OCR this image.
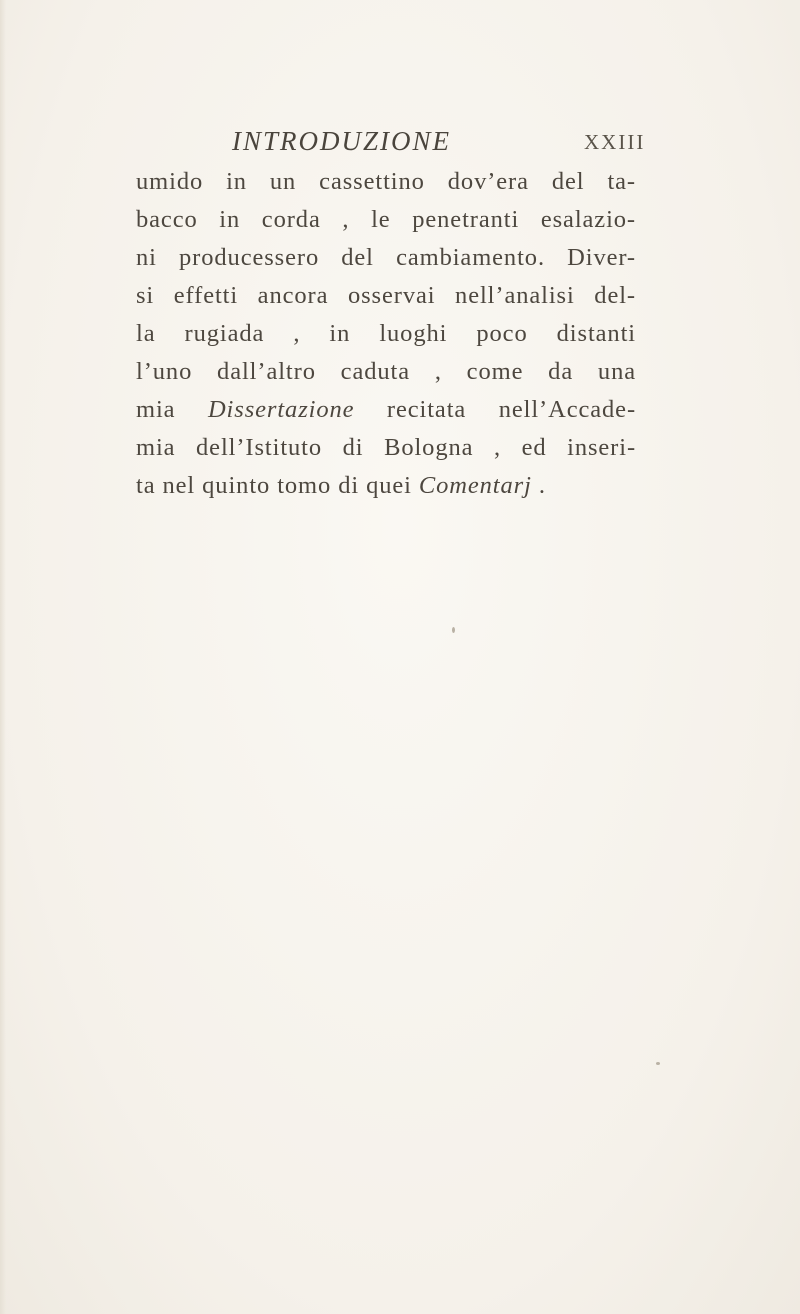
INTRODUZIONE	XXIII
umido in un cassettino dov’era del ta-
bacco in corda , le penetranti esalazio-
ni producessero del cambiamento. Diver-
si effetti ancora osservai nell’analisi del-
la rugiada , in luoghi poco distanti
l’uno dall’altro caduta , come da una
mia Dissertazione recitata nell’Accade-
mia dell’Istituto di Bologna , ed inseri-
ta nel quinto tomo di quei Comentarj .
